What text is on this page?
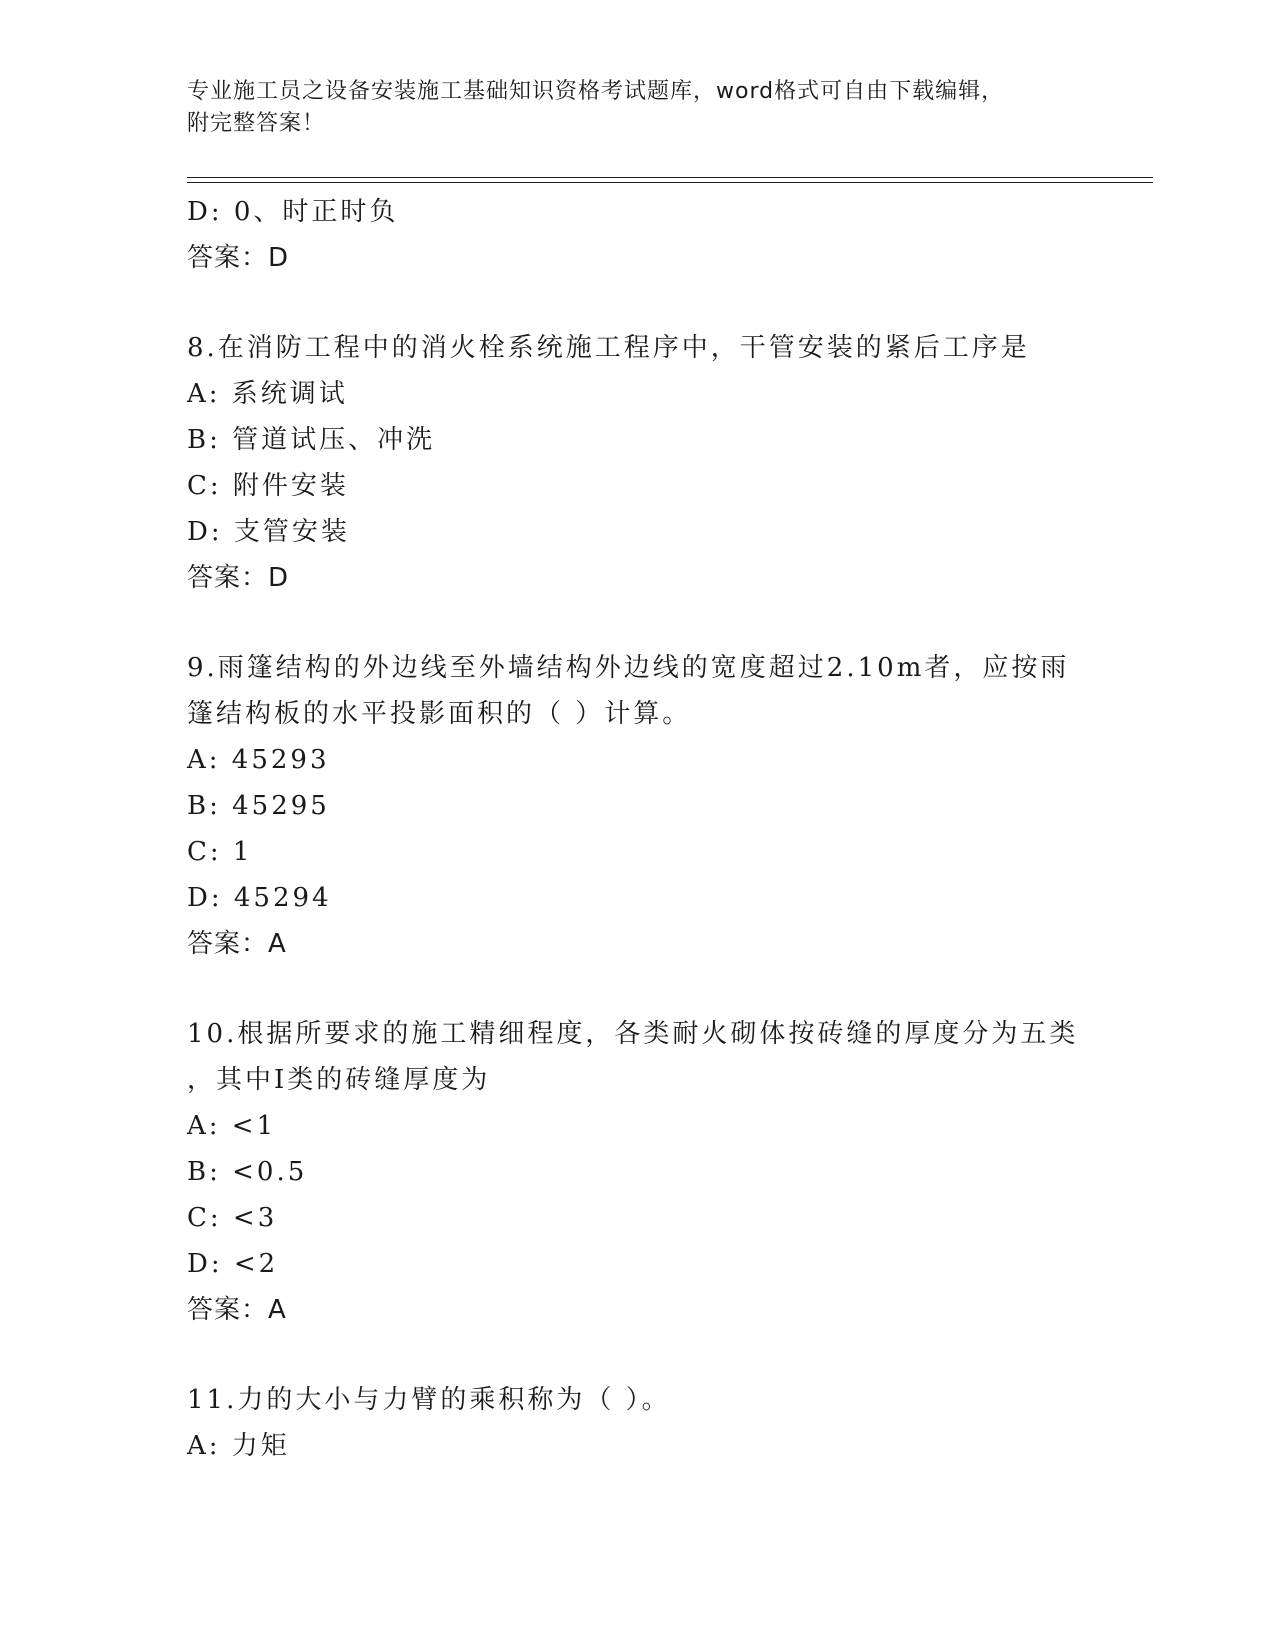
专业施工员之设备安装施工基础知识资格考试题库，word格式可自由下载编辑，
附完整答案！
D: 0、时正时负
答案：D
8.在消防工程中的消火栓系统施工程序中，干管安装的紧后工序是
A: 系统调试
B: 管道试压、冲洗
C: 附件安装
D: 支管安装
答案：D
9.雨篷结构的外边线至外墙结构外边线的宽度超过2.10m者，应按雨
篷结构板的水平投影面积的（ ）计算。
A: 45293
B: 45295
C: 1
D: 45294
答案：A
10.根据所要求的施工精细程度，各类耐火砌体按砖缝的厚度分为五类
，其中Ⅰ类的砖缝厚度为
A: <1
B: <0.5
C: <3
D: <2
答案：A
11.力的大小与力臂的乘积称为（ ）。
A: 力矩
